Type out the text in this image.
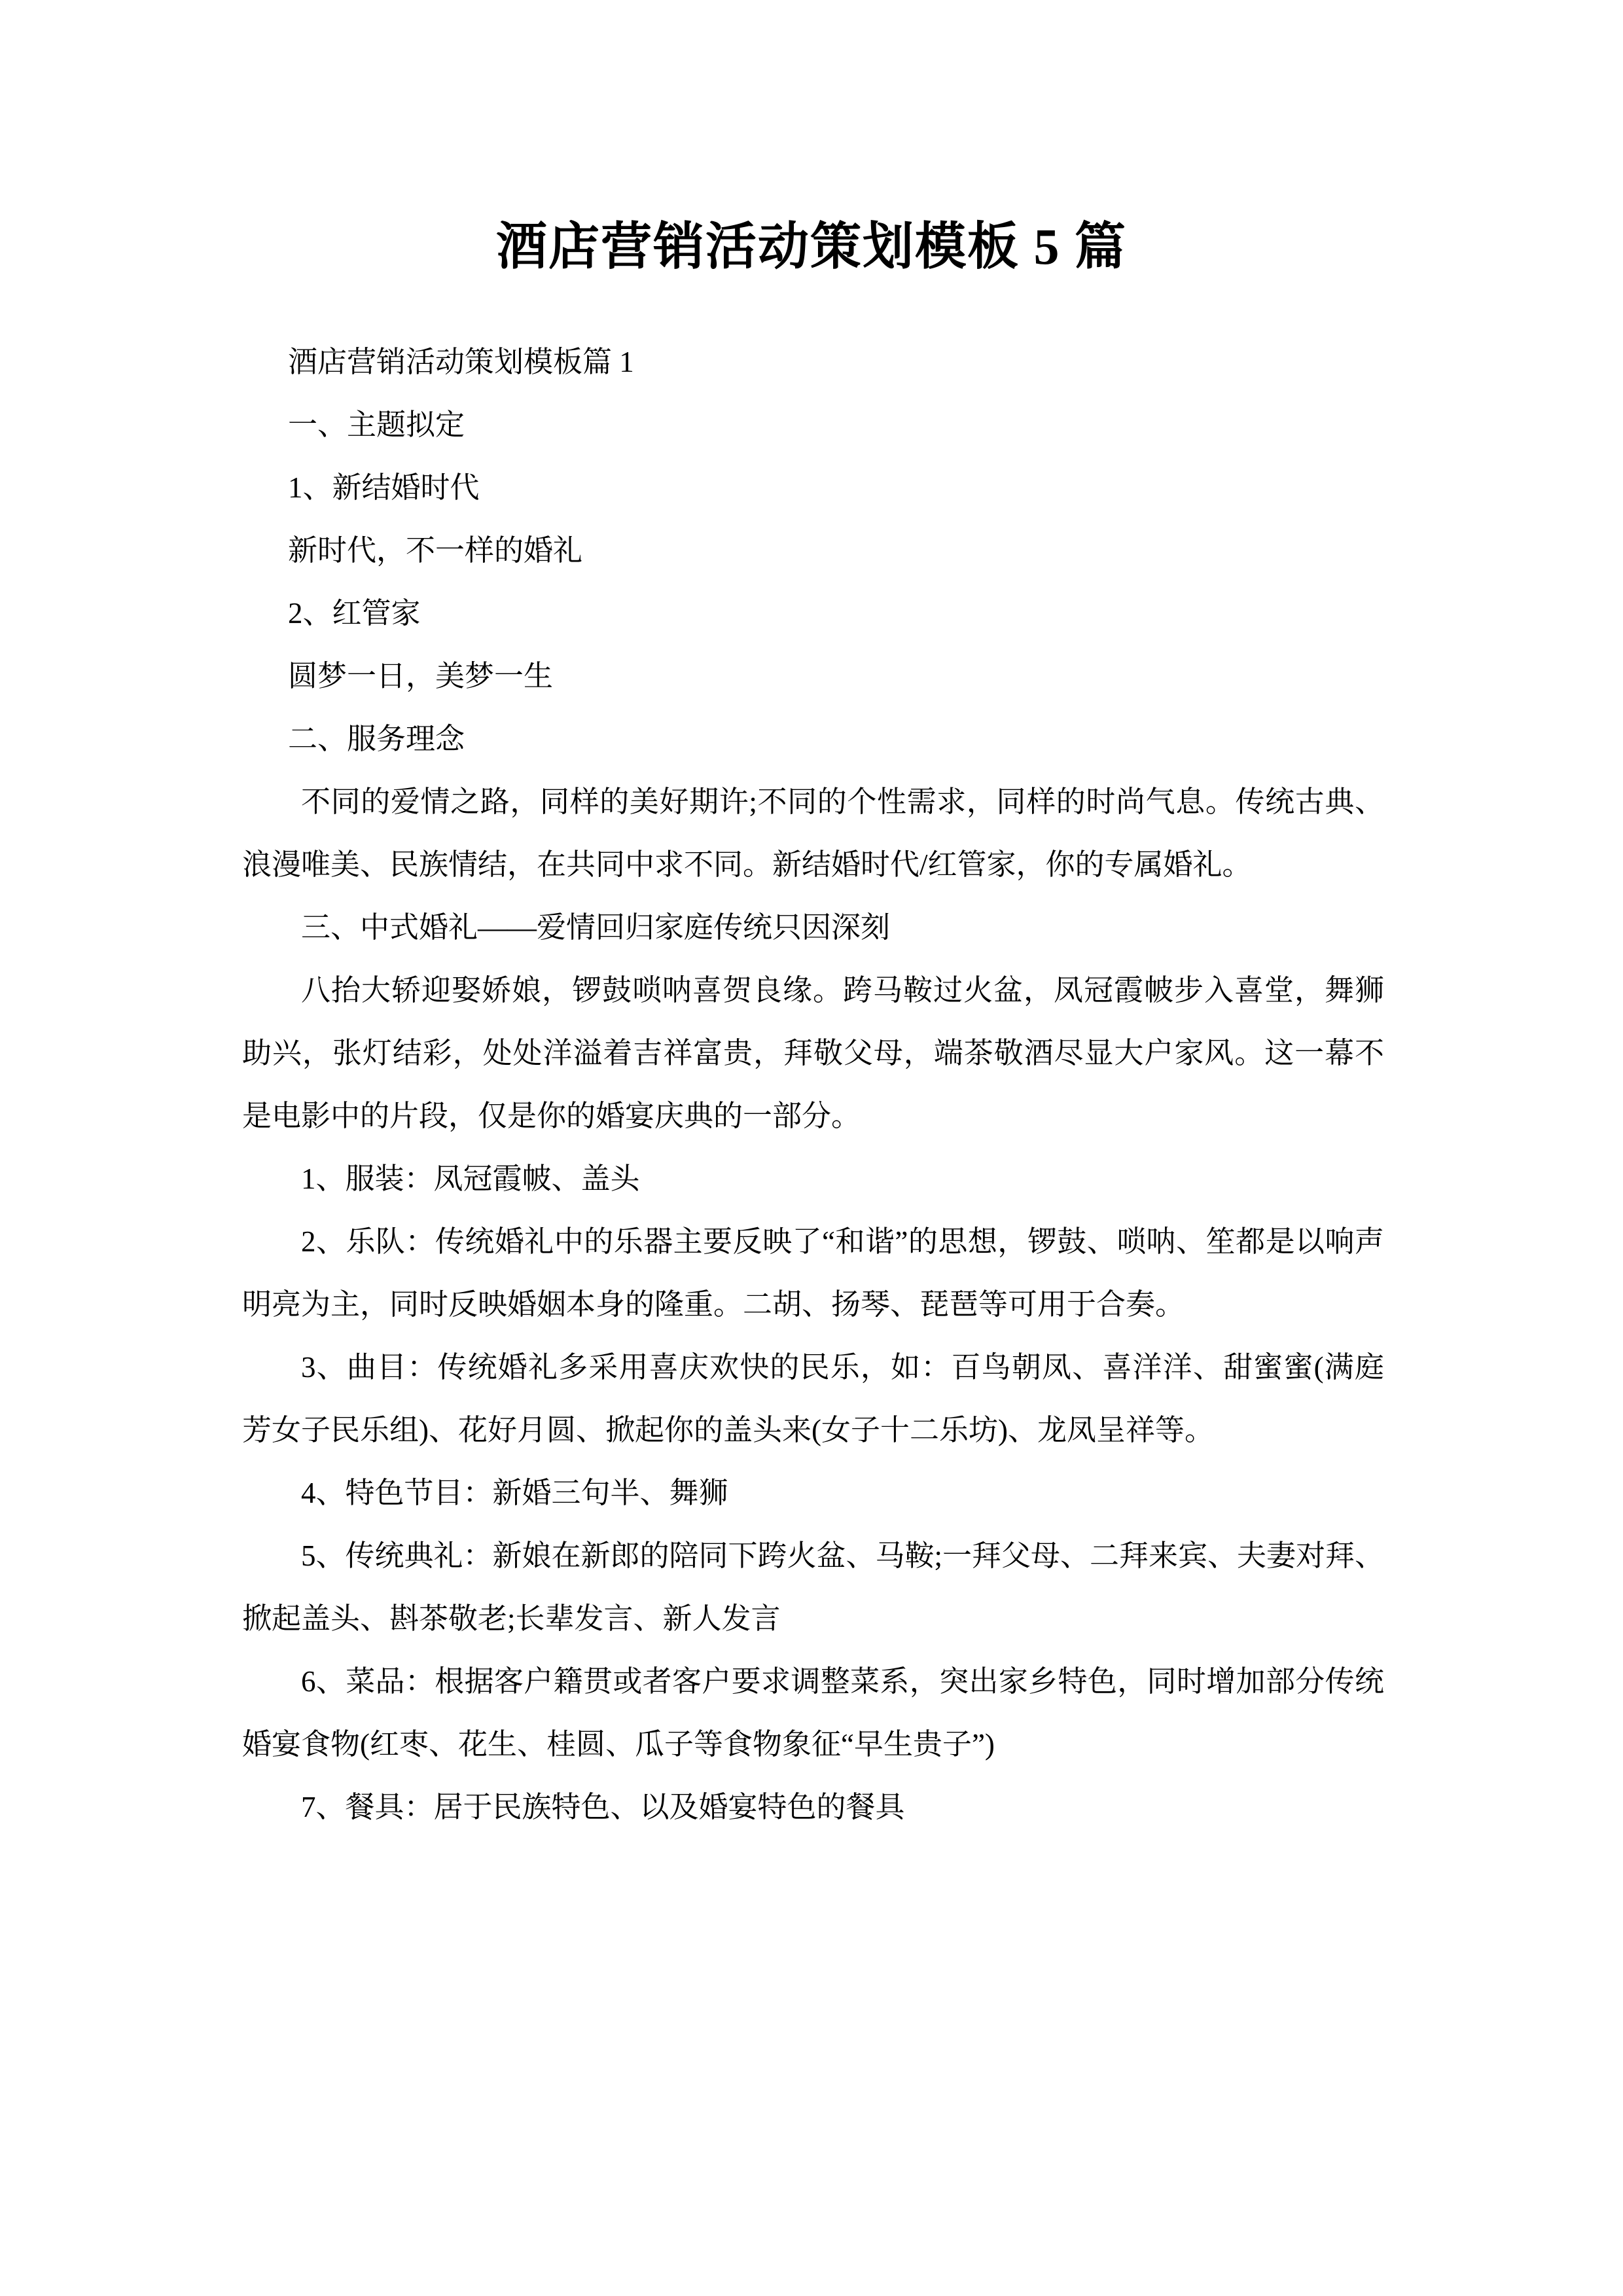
酒店营销活动策划模板 5 篇
酒店营销活动策划模板篇 1
一、主题拟定
1、新结婚时代
新时代，不一样的婚礼
2、红管家
圆梦一日，美梦一生
二、服务理念

不同的爱情之路，同样的美好期许;不同的个性需求，同样的时尚气息。传统古典、浪漫唯美、民族情结，在共同中求不同。新结婚时代/红管家，你的专属婚礼。

三、中式婚礼——爱情回归家庭传统只因深刻

八抬大轿迎娶娇娘，锣鼓唢呐喜贺良缘。跨马鞍过火盆，凤冠霞帔步入喜堂，舞狮助兴，张灯结彩，处处洋溢着吉祥富贵，拜敬父母，端茶敬酒尽显大户家风。这一幕不是电影中的片段，仅是你的婚宴庆典的一部分。

1、服装：凤冠霞帔、盖头

2、乐队：传统婚礼中的乐器主要反映了“和谐”的思想，锣鼓、唢呐、笙都是以响声明亮为主，同时反映婚姻本身的隆重。二胡、扬琴、琵琶等可用于合奏。

3、曲目：传统婚礼多采用喜庆欢快的民乐，如：百鸟朝凤、喜洋洋、甜蜜蜜(满庭芳女子民乐组)、花好月圆、掀起你的盖头来(女子十二乐坊)、龙凤呈祥等。

4、特色节目：新婚三句半、舞狮

5、传统典礼：新娘在新郎的陪同下跨火盆、马鞍;一拜父母、二拜来宾、夫妻对拜、掀起盖头、斟茶敬老;长辈发言、新人发言

6、菜品：根据客户籍贯或者客户要求调整菜系，突出家乡特色，同时增加部分传统婚宴食物(红枣、花生、桂圆、瓜子等食物象征“早生贵子”)

7、餐具：居于民族特色、以及婚宴特色的餐具
